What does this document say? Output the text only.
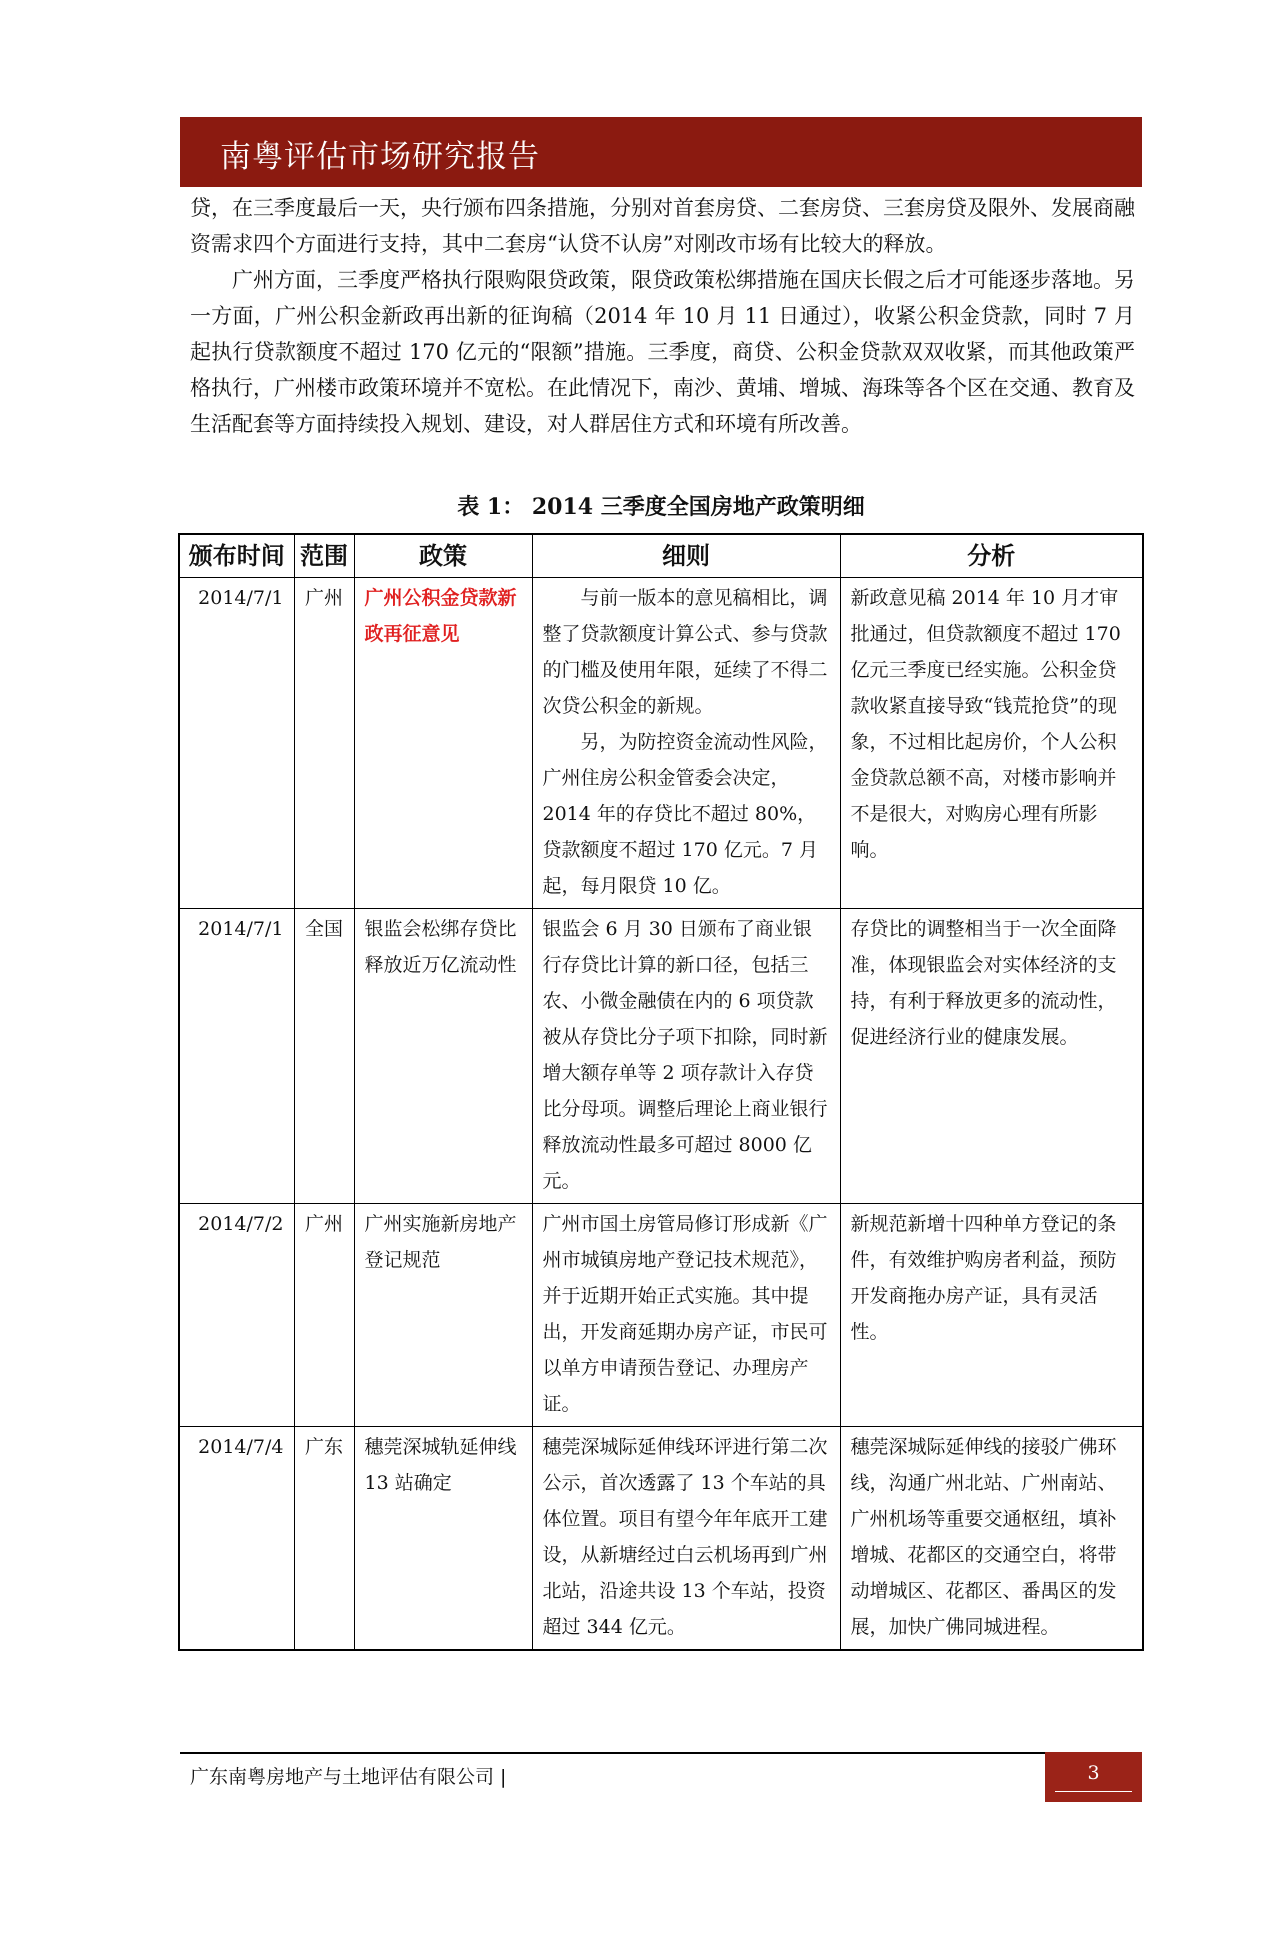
南粤评估市场研究报告

贷，在三季度最后一天，央行颁布四条措施，分别对首套房贷、二套房贷、三套房贷及限外、发展商融资需求四个方面进行支持，其中二套房“认贷不认房”对刚改市场有比较大的释放。

广州方面，三季度严格执行限购限贷政策，限贷政策松绑措施在国庆长假之后才可能逐步落地。另一方面，广州公积金新政再出新的征询稿（2014 年 10 月 11 日通过），收紧公积金贷款，同时 7 月起执行贷款额度不超过 170 亿元的“限额”措施。三季度，商贷、公积金贷款双双收紧，而其他政策严格执行，广州楼市政策环境并不宽松。在此情况下，南沙、黄埔、增城、海珠等各个区在交通、教育及生活配套等方面持续投入规划、建设，对人群居住方式和环境有所改善。

表 1： 2014 三季度全国房地产政策明细
颁布时间	范围	政策	细则	分析
2014/7/1	广州	广州公积金贷款新政再征意见	与前一版本的意见稿相比，调整了贷款额度计算公式、参与贷款的门槛及使用年限，延续了不得二次贷公积金的新规。

另，为防控资金流动性风险，广州住房公积金管委会决定，2014 年的存贷比不超过 80%，贷款额度不超过 170 亿元。7 月起，每月限贷 10 亿。	新政意见稿 2014 年 10 月才审批通过，但贷款额度不超过 170 亿元三季度已经实施。公积金贷款收紧直接导致“钱荒抢贷”的现象，不过相比起房价，个人公积金贷款总额不高，对楼市影响并不是很大，对购房心理有所影响。
2014/7/1	全国	银监会松绑存贷比释放近万亿流动性	银监会 6 月 30 日颁布了商业银行存贷比计算的新口径，包括三农、小微金融债在内的 6 项贷款被从存贷比分子项下扣除，同时新增大额存单等 2 项存款计入存贷比分母项。调整后理论上商业银行释放流动性最多可超过 8000 亿元。	存贷比的调整相当于一次全面降准，体现银监会对实体经济的支持，有利于释放更多的流动性，促进经济行业的健康发展。
2014/7/2	广州	广州实施新房地产登记规范	广州市国土房管局修订形成新《广州市城镇房地产登记技术规范》，并于近期开始正式实施。其中提出，开发商延期办房产证，市民可以单方申请预告登记、办理房产证。	新规范新增十四种单方登记的条件，有效维护购房者利益，预防开发商拖办房产证，具有灵活性。
2014/7/4	广东	穗莞深城轨延伸线 13 站确定	穗莞深城际延伸线环评进行第二次公示，首次透露了 13 个车站的具体位置。项目有望今年年底开工建设，从新塘经过白云机场再到广州北站，沿途共设 13 个车站，投资超过 344 亿元。	穗莞深城际延伸线的接驳广佛环线，沟通广州北站、广州南站、广州机场等重要交通枢纽，填补增城、花都区的交通空白，将带动增城区、花都区、番禺区的发展，加快广佛同城进程。
广东南粤房地产与土地评估有限公司 |	3
